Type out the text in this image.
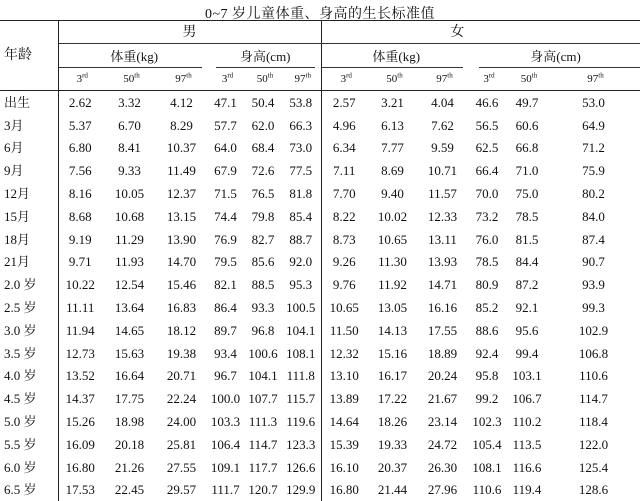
0~7 岁儿童体重、身高的生长标准值
年龄	男						女						
	体重(kg)			身高(cm)			体重(kg)			身高(cm)			
	3rd	50th	97th	3rd	50th	97th	3rd	50th	97th	3rd	50th	97th
出生	2.62	3.32	4.12	47.1	50.4	53.8	2.57	3.21	4.04	46.6	49.7	53.0	
3月	5.37	6.70	8.29	57.7	62.0	66.3	4.96	6.13	7.62	56.5	60.6	64.9	
6月	6.80	8.41	10.37	64.0	68.4	73.0	6.34	7.77	9.59	62.5	66.8	71.2	
9月	7.56	9.33	11.49	67.9	72.6	77.5	7.11	8.69	10.71	66.4	71.0	75.9	
12月	8.16	10.05	12.37	71.5	76.5	81.8	7.70	9.40	11.57	70.0	75.0	80.2	
15月	8.68	10.68	13.15	74.4	79.8	85.4	8.22	10.02	12.33	73.2	78.5	84.0	
18月	9.19	11.29	13.90	76.9	82.7	88.7	8.73	10.65	13.11	76.0	81.5	87.4	
21月	9.71	11.93	14.70	79.5	85.6	92.0	9.26	11.30	13.93	78.5	84.4	90.7	
2.0 岁	10.22	12.54	15.46	82.1	88.5	95.3	9.76	11.92	14.71	80.9	87.2	93.9	
2.5 岁	11.11	13.64	16.83	86.4	93.3	100.5	10.65	13.05	16.16	85.2	92.1	99.3	
3.0 岁	11.94	14.65	18.12	89.7	96.8	104.1	11.50	14.13	17.55	88.6	95.6	102.9	
3.5 岁	12.73	15.63	19.38	93.4	100.6	108.1	12.32	15.16	18.89	92.4	99.4	106.8	
4.0 岁	13.52	16.64	20.71	96.7	104.1	111.8	13.10	16.17	20.24	95.8	103.1	110.6	
4.5 岁	14.37	17.75	22.24	100.0	107.7	115.7	13.89	17.22	21.67	99.2	106.7	114.7	
5.0 岁	15.26	18.98	24.00	103.3	111.3	119.6	14.64	18.26	23.14	102.3	110.2	118.4	
5.5 岁	16.09	20.18	25.81	106.4	114.7	123.3	15.39	19.33	24.72	105.4	113.5	122.0	
6.0 岁	16.80	21.26	27.55	109.1	117.7	126.6	16.10	20.37	26.30	108.1	116.6	125.4	
6.5 岁	17.53	22.45	29.57	111.7	120.7	129.9	16.80	21.44	27.96	110.6	119.4	128.6	
